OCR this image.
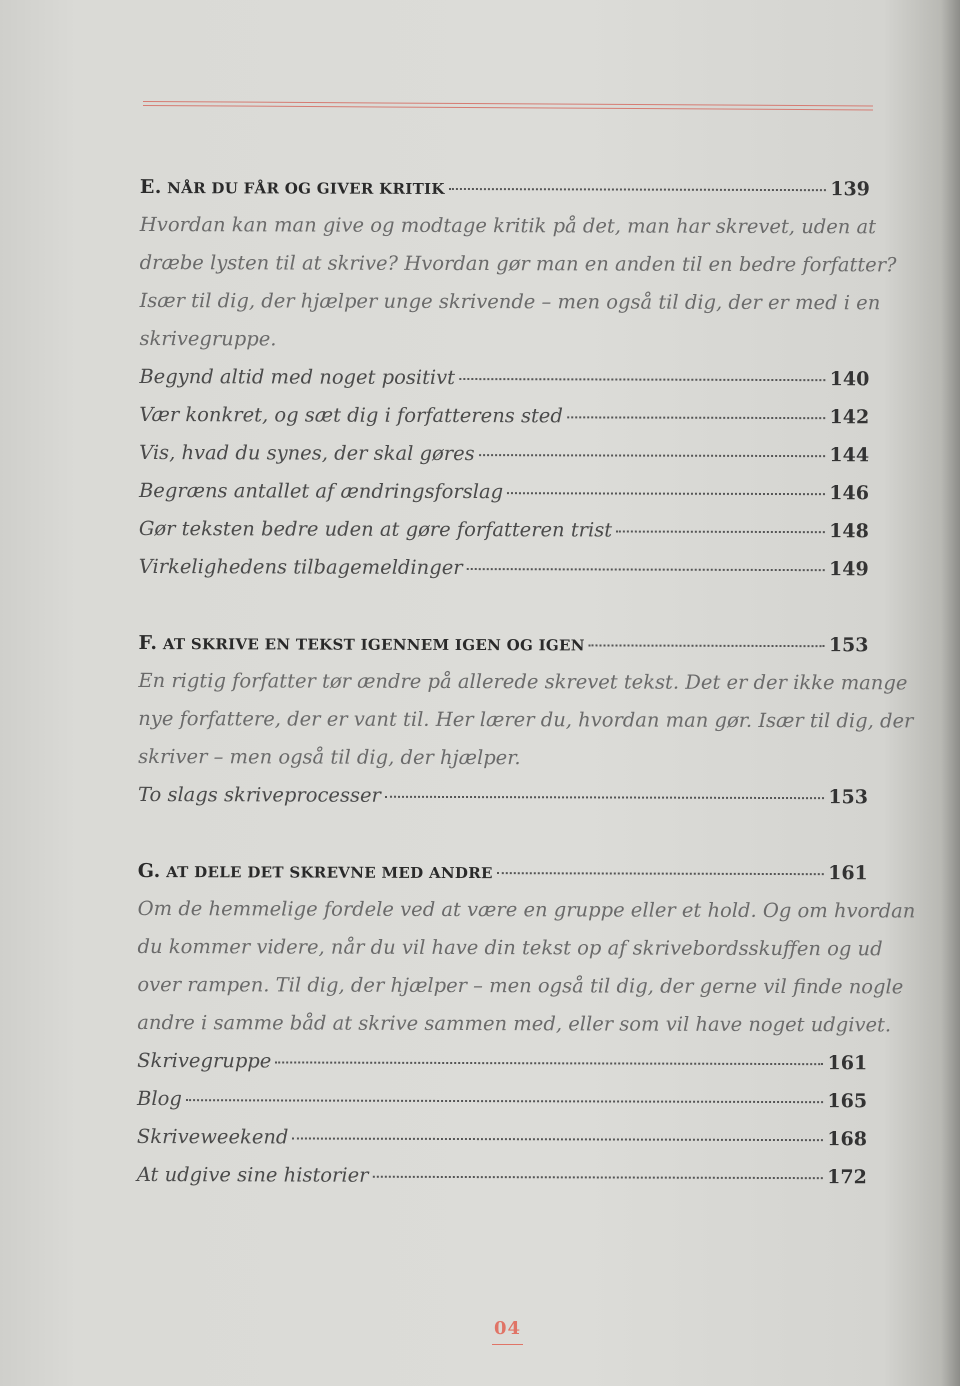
E. NÅR DU FÅR OG GIVER KRITIK	139
Hvordan kan man give og modtage kritik på det, man har skrevet, uden at
dræbe lysten til at skrive? Hvordan gør man en anden til en bedre forfatter?
Især til dig, der hjælper unge skrivende – men også til dig, der er med i en
skrivegruppe.
Begynd altid med noget positivt	140
Vær konkret, og sæt dig i forfatterens sted	142
Vis, hvad du synes, der skal gøres	144
Begræns antallet af ændringsforslag	146
Gør teksten bedre uden at gøre forfatteren trist	148
Virkelighedens tilbagemeldinger	149
F. AT SKRIVE EN TEKST IGENNEM IGEN OG IGEN	153
En rigtig forfatter tør ændre på allerede skrevet tekst. Det er der ikke mange
nye forfattere, der er vant til. Her lærer du, hvordan man gør. Især til dig, der
skriver – men også til dig, der hjælper.
To slags skriveprocesser	153
G. AT DELE DET SKREVNE MED ANDRE	161
Om de hemmelige fordele ved at være en gruppe eller et hold. Og om hvordan
du kommer videre, når du vil have din tekst op af skrivebordsskuffen og ud
over rampen. Til dig, der hjælper – men også til dig, der gerne vil finde nogle
andre i samme båd at skrive sammen med, eller som vil have noget udgivet.
Skrivegruppe	161
Blog	165
Skriveweekend	168
At udgive sine historier	172
04
